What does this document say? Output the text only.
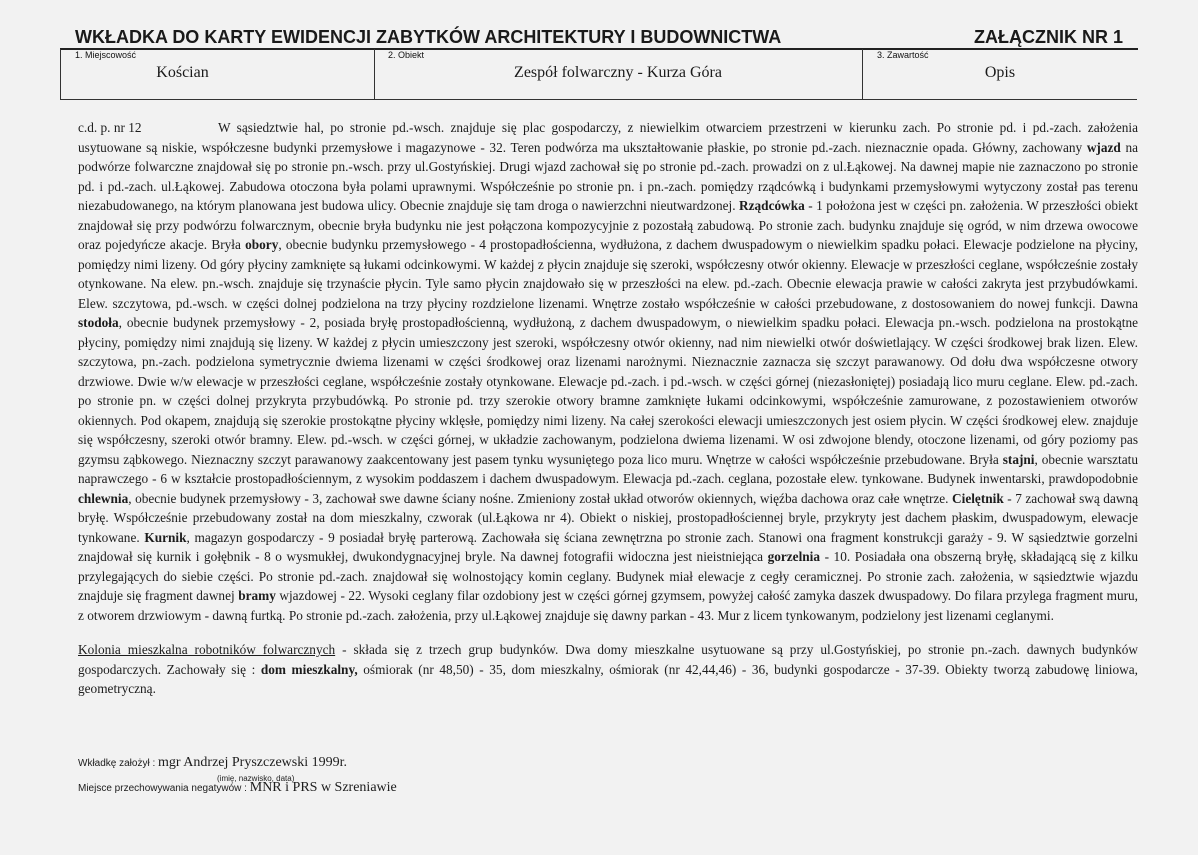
WKŁADKA DO KARTY EWIDENCJI ZABYTKÓW ARCHITEKTURY I BUDOWNICTWA	ZAŁĄCZNIK NR 1
1. Miejscowość
Kościan
2. Obiekt
Zespół folwarczny - Kurza Góra
3. Zawartość
Opis

c.d. p. nr 12	W sąsiedztwie hal, po stronie pd.-wsch. znajduje się plac gospodarczy, z niewielkim otwarciem przestrzeni w kierunku zach. Po stronie pd. i pd.-zach. założenia usytuowane są niskie, współczesne budynki przemysłowe i magazynowe - 32. Teren podwórza ma ukształtowanie płaskie, po stronie pd.-zach. nieznacznie opada. Główny, zachowany wjazd na podwórze folwarczne znajdował się po stronie pn.-wsch. przy ul.Gostyńskiej. Drugi wjazd zachował się po stronie pd.-zach. prowadzi on z ul.Łąkowej. Na dawnej mapie nie zaznaczono po stronie pd. i pd.-zach. ul.Łąkowej. Zabudowa otoczona była polami uprawnymi. Współcześnie po stronie pn. i pn.-zach. pomiędzy rządcówką i budynkami przemysłowymi wytyczony został pas terenu niezabudowanego, na którym planowana jest budowa ulicy. Obecnie znajduje się tam droga o nawierzchni nieutwardzonej. Rządcówka - 1 położona jest w części pn. założenia. W przeszłości obiekt znajdował się przy podwórzu folwarcznym, obecnie bryła budynku nie jest połączona kompozycyjnie z pozostałą zabudową. Po stronie zach. budynku znajduje się ogród, w nim drzewa owocowe oraz pojedyńcze akacje. Bryła obory, obecnie budynku przemysłowego - 4 prostopadłościenna, wydłużona, z dachem dwuspadowym o niewielkim spadku połaci. Elewacje podzielone na płyciny, pomiędzy nimi lizeny. Od góry płyciny zamknięte są łukami odcinkowymi. W każdej z płycin znajduje się szeroki, współczesny otwór okienny. Elewacje w przeszłości ceglane, współcześnie zostały otynkowane. Na elew. pn.-wsch. znajduje się trzynaście płycin. Tyle samo płycin znajdowało się w przeszłości na elew. pd.-zach. Obecnie elewacja prawie w całości zakryta jest przybudówkami. Elew. szczytowa, pd.-wsch. w części dolnej podzielona na trzy płyciny rozdzielone lizenami. Wnętrze zostało współcześnie w całości przebudowane, z dostosowaniem do nowej funkcji. Dawna stodoła, obecnie budynek przemysłowy - 2, posiada bryłę prostopadłościenną, wydłużoną, z dachem dwuspadowym, o niewielkim spadku połaci. Elewacja pn.-wsch. podzielona na prostokątne płyciny, pomiędzy nimi znajdują się lizeny. W każdej z płycin umieszczony jest szeroki, współczesny otwór okienny, nad nim niewielki otwór doświetlający. W części środkowej brak lizen. Elew. szczytowa, pn.-zach. podzielona symetrycznie dwiema lizenami w części środkowej oraz lizenami narożnymi. Nieznacznie zaznacza się szczyt parawanowy. Od dołu dwa współczesne otwory drzwiowe. Dwie w/w elewacje w przeszłości ceglane, współcześnie zostały otynkowane. Elewacje pd.-zach. i pd.-wsch. w części górnej (niezasłoniętej) posiadają lico muru ceglane. Elew. pd.-zach. po stronie pn. w części dolnej przykryta przybudówką. Po stronie pd. trzy szerokie otwory bramne zamknięte łukami odcinkowymi, współcześnie zamurowane, z pozostawieniem otworów okiennych. Pod okapem, znajdują się szerokie prostokątne płyciny wklęsłe, pomiędzy nimi lizeny. Na całej szerokości elewacji umieszczonych jest osiem płycin. W części środkowej elew. znajduje się współczesny, szeroki otwór bramny. Elew. pd.-wsch. w części górnej, w układzie zachowanym, podzielona dwiema lizenami. W osi zdwojone blendy, otoczone lizenami, od góry poziomy pas gzymsu ząbkowego. Nieznaczny szczyt parawanowy zaakcentowany jest pasem tynku wysuniętego poza lico muru. Wnętrze w całości współcześnie przebudowane. Bryła stajni, obecnie warsztatu naprawczego - 6 w kształcie prostopadłościennym, z wysokim poddaszem i dachem dwuspadowym. Elewacja pd.-zach. ceglana, pozostałe elew. tynkowane. Budynek inwentarski, prawdopodobnie chlewnia, obecnie budynek przemysłowy - 3, zachował swe dawne ściany nośne. Zmieniony został układ otworów okiennych, więźba dachowa oraz całe wnętrze. Cielętnik - 7 zachował swą dawną bryłę. Współcześnie przebudowany został na dom mieszkalny, czworak (ul.Łąkowa nr 4). Obiekt o niskiej, prostopadłościennej bryle, przykryty jest dachem płaskim, dwuspadowym, elewacje tynkowane. Kurnik, magazyn gospodarczy - 9 posiadał bryłę parterową. Zachowała się ściana zewnętrzna po stronie zach. Stanowi ona fragment konstrukcji garaży - 9. W sąsiedztwie gorzelni znajdował się kurnik i gołębnik - 8 o wysmukłej, dwukondygnacyjnej bryle. Na dawnej fotografii widoczna jest nieistniejąca gorzelnia - 10. Posiadała ona obszerną bryłę, składającą się z kilku przylegających do siebie części. Po stronie pd.-zach. znajdował się wolnostojący komin ceglany. Budynek miał elewacje z cegły ceramicznej. Po stronie zach. założenia, w sąsiedztwie wjazdu znajduje się fragment dawnej bramy wjazdowej - 22. Wysoki ceglany filar ozdobiony jest w części górnej gzymsem, powyżej całość zamyka daszek dwuspadowy. Do filara przylega fragment muru, z otworem drzwiowym - dawną furtką. Po stronie pd.-zach. założenia, przy ul.Łąkowej znajduje się dawny parkan - 43. Mur z licem tynkowanym, podzielony jest lizenami ceglanymi.

Kolonia mieszkalna robotników folwarcznych - składa się z trzech grup budynków. Dwa domy mieszkalne usytuowane są przy ul.Gostyńskiej, po stronie pn.-zach. dawnych budynków gospodarczych. Zachowały się : dom mieszkalny, ośmiorak (nr 48,50) - 35, dom mieszkalny, ośmiorak (nr 42,44,46) - 36, budynki gospodarcze - 37-39. Obiekty tworzą zabudowę liniowa, geometryczną.

Wkładkę założył : mgr Andrzej Pryszczewski 1999r.
(imię, nazwisko, data)
Miejsce przechowywania negatywów : MNR i PRS w Szreniawie
